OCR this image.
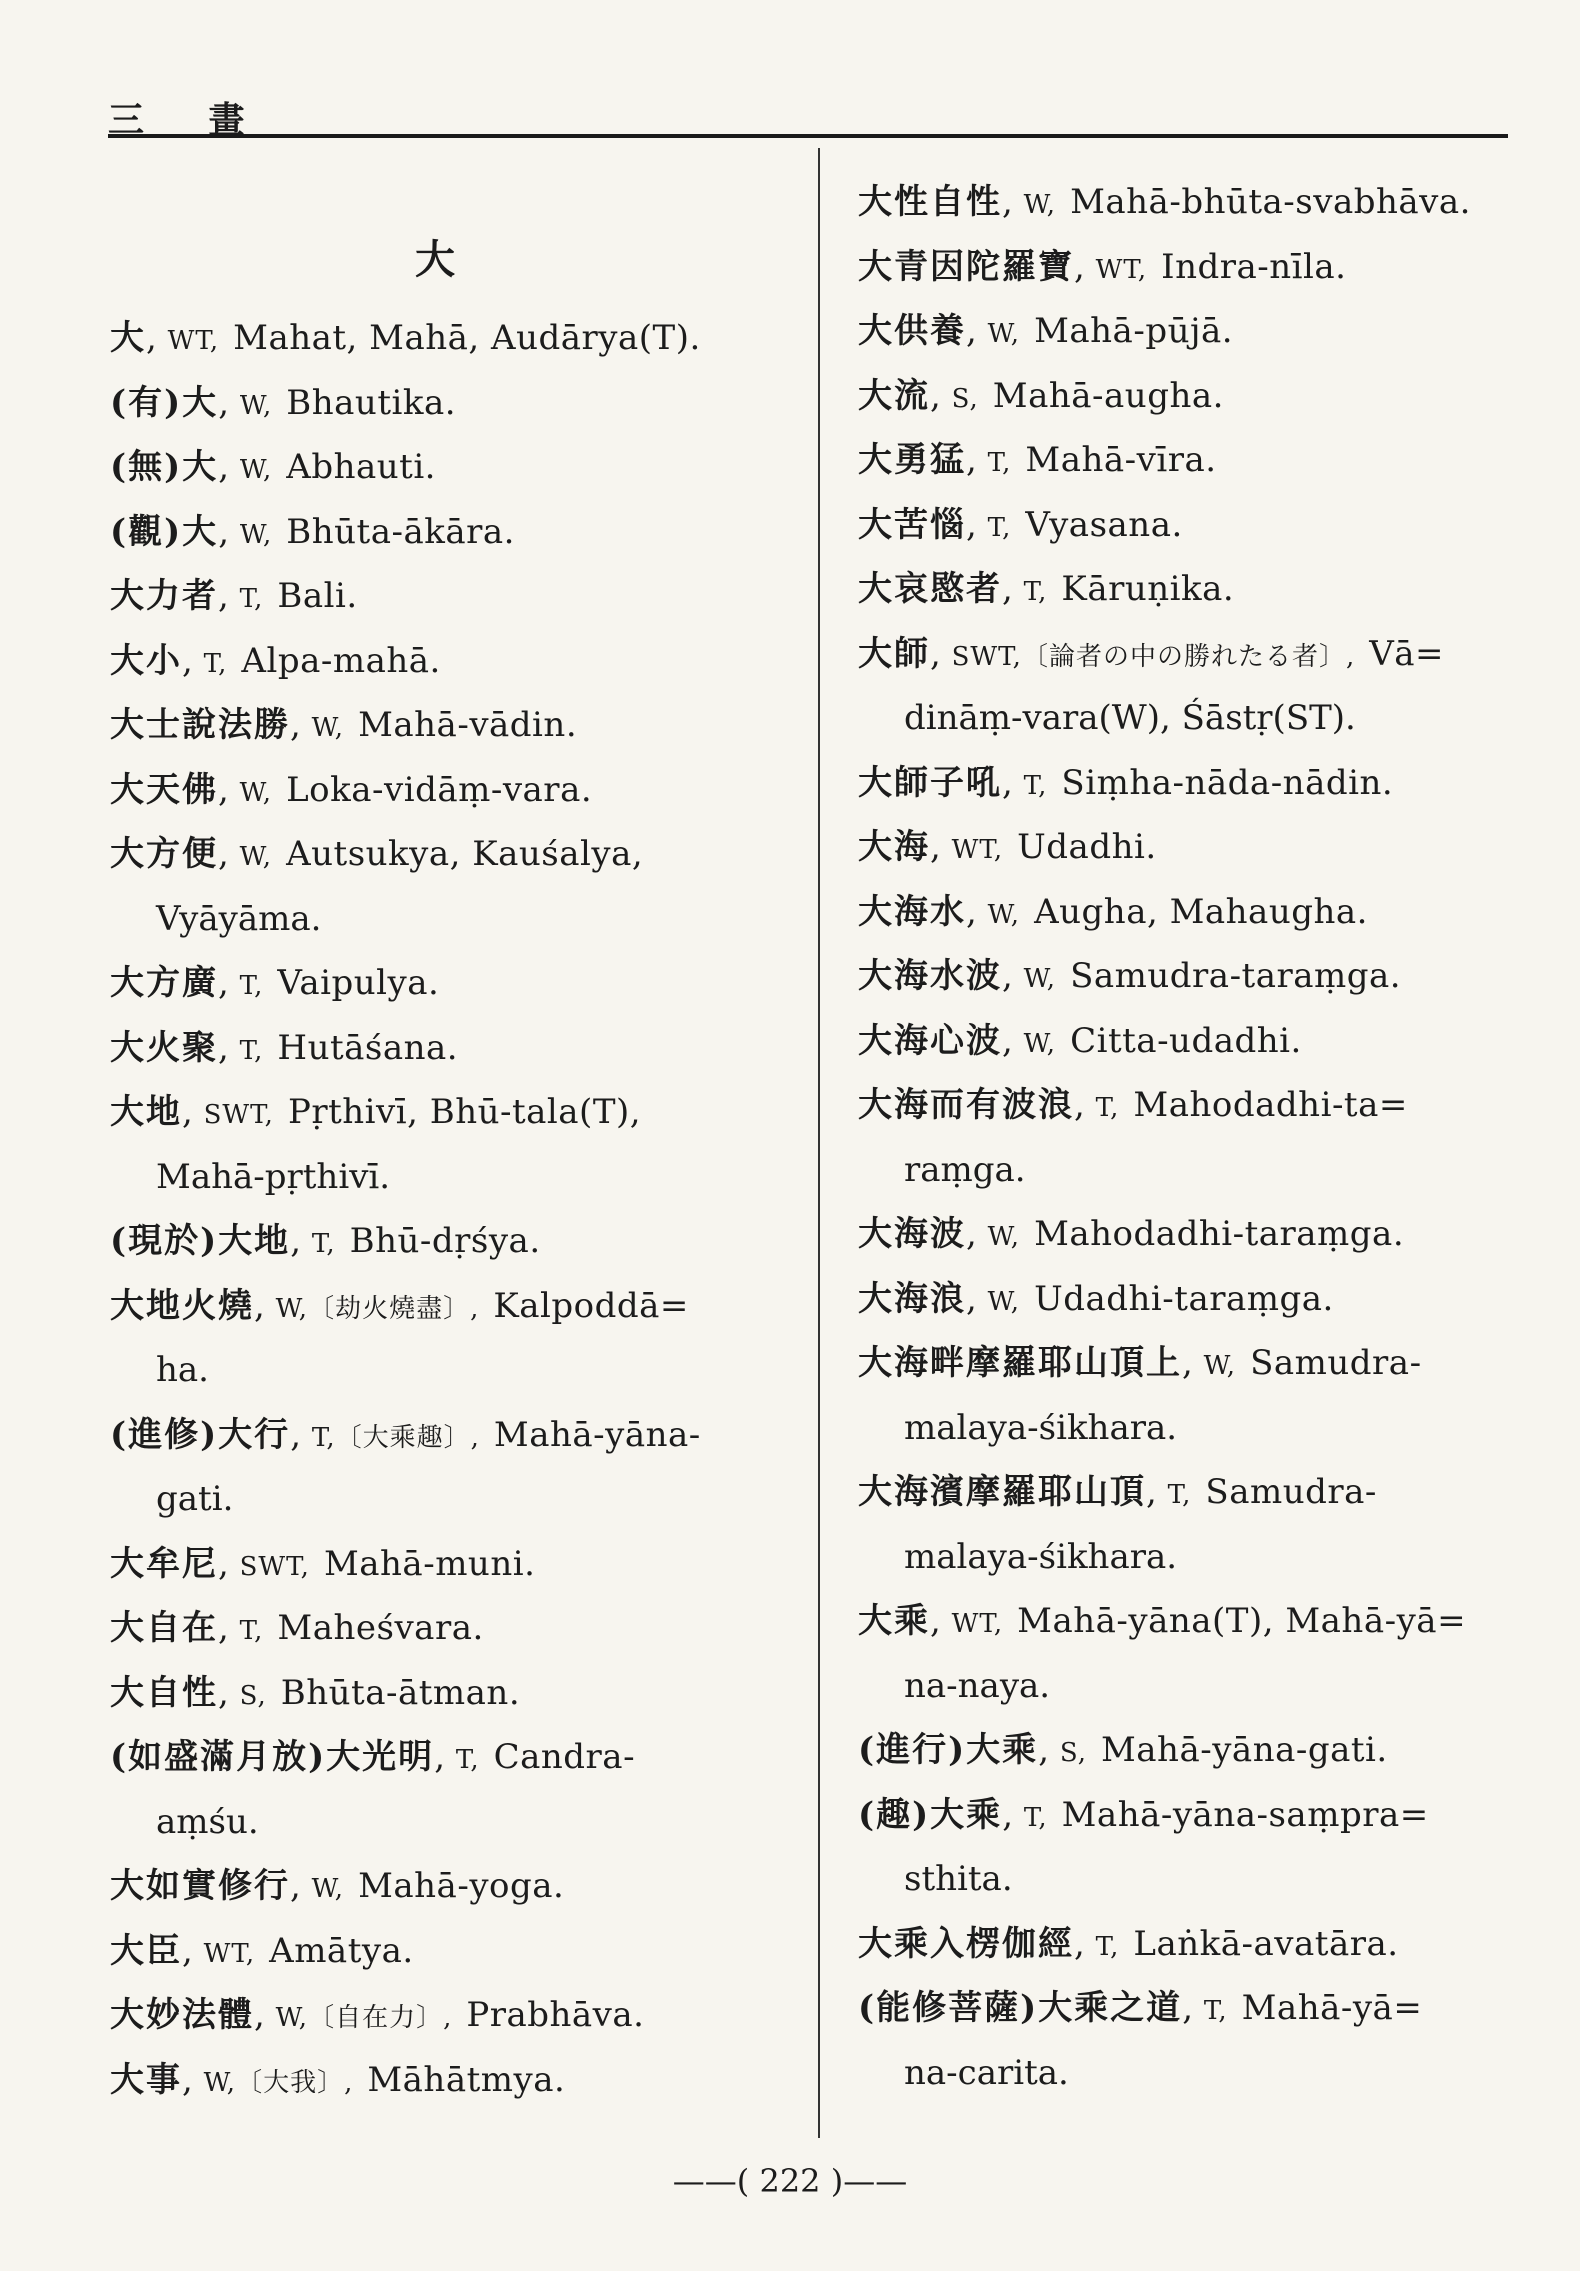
三 畫
大
大, WT, Mahat, Mahā, Audārya(T).
(有)大, W, Bhautika.
(無)大, W, Abhauti.
(觀)大, W, Bhūta-ākāra.
大力者, T, Bali.
大小, T, Alpa-mahā.
大士說法勝, W, Mahā-vādin.
大天佛, W, Loka-vidāṃ-vara.
大方便, W, Autsukya, Kauśalya,
Vyāyāma.
大方廣, T, Vaipulya.
大火聚, T, Hutāśana.
大地, SWT, Pṛthivī, Bhū-tala(T),
Mahā-pṛthivī.
(現於)大地, T, Bhū-dṛśya.
大地火燒, W,〔劫火燒盡〕, Kalpoddā=
ha.
(進修)大行, T,〔大乘趣〕, Mahā-yāna-
gati.
大牟尼, SWT, Mahā-muni.
大自在, T, Maheśvara.
大自性, S, Bhūta-ātman.
(如盛滿月放)大光明, T, Candra-
aṃśu.
大如實修行, W, Mahā-yoga.
大臣, WT, Amātya.
大妙法體, W,〔自在力〕, Prabhāva.
大事, W,〔大我〕, Māhātmya.
大性自性, W, Mahā-bhūta-svabhāva.
大青因陀羅寶, WT, Indra-nīla.
大供養, W, Mahā-pūjā.
大流, S, Mahā-augha.
大勇猛, T, Mahā-vīra.
大苦惱, T, Vyasana.
大哀愍者, T, Kāruṇika.
大師, SWT,〔論者の中の勝れたる者〕, Vā=
dināṃ-vara(W), Śāstṛ(ST).
大師子吼, T, Siṃha-nāda-nādin.
大海, WT, Udadhi.
大海水, W, Augha, Mahaugha.
大海水波, W, Samudra-taraṃga.
大海心波, W, Citta-udadhi.
大海而有波浪, T, Mahodadhi-ta=
raṃga.
大海波, W, Mahodadhi-taraṃga.
大海浪, W, Udadhi-taraṃga.
大海畔摩羅耶山頂上, W, Samudra-
malaya-śikhara.
大海濱摩羅耶山頂, T, Samudra-
malaya-śikhara.
大乘, WT, Mahā-yāna(T), Mahā-yā=
na-naya.
(進行)大乘, S, Mahā-yāna-gati.
(趣)大乘, T, Mahā-yāna-saṃpra=
sthita.
大乘入楞伽經, T, Laṅkā-avatāra.
(能修菩薩)大乘之道, T, Mahā-yā=
na-carita.
——( 222 )——
